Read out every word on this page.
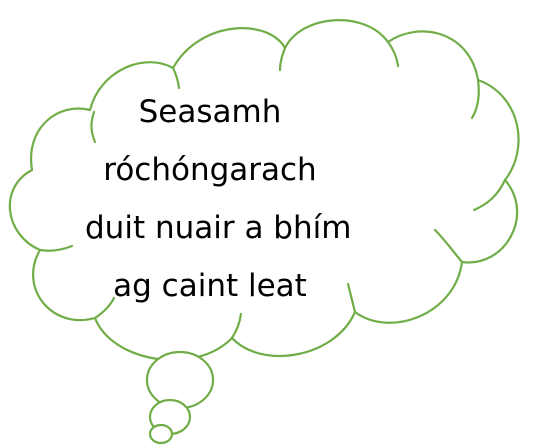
Seasamh
róchóngarach
duit nuair a bhím
ag caint leat
